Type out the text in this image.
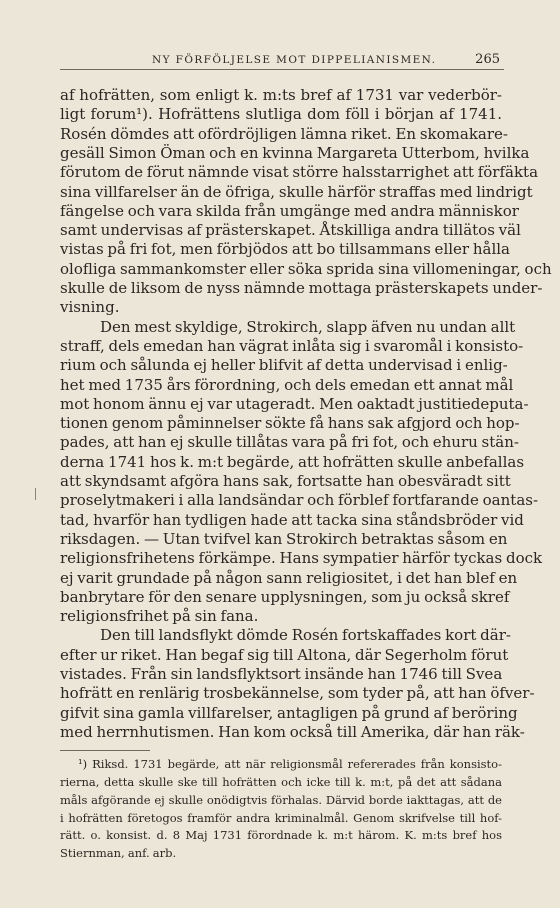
NY FÖRFÖLJELSE MOT DIPPELIANISMEN.	265
af hofrätten, som enligt k. m:ts bref af 1731 var vederbör-
ligt forum¹). Hofrättens slutliga dom föll i början af 1741.
Rosén dömdes att ofördröjligen lämna riket. En skomakare-
gesäll Simon Öman och en kvinna Margareta Utterbom, hvilka
förutom de förut nämnde visat större halsstarrighet att förfäkta
sina villfarelser än de öfriga, skulle härför straffas med lindrigt
fängelse och vara skilda från umgänge med andra människor
samt undervisas af prästerskapet. Åtskilliga andra tillätos väl
vistas på fri fot, men förbjödos att bo tillsammans eller hålla
olofliga sammankomster eller söka sprida sina villomeningar, och
skulle de liksom de nyss nämnde mottaga prästerskapets under-
visning.
Den mest skyldige, Strokirch, slapp äfven nu undan allt
straff, dels emedan han vägrat inlåta sig i svaromål i konsisto-
rium och sålunda ej heller blifvit af detta undervisad i enlig-
het med 1735 års förordning, och dels emedan ett annat mål
mot honom ännu ej var utageradt. Men oaktadt justitiedeputa-
tionen genom påminnelser sökte få hans sak afgjord och hop-
pades, att han ej skulle tillåtas vara på fri fot, och ehuru stän-
derna 1741 hos k. m:t begärde, att hofrätten skulle anbefallas
att skyndsamt afgöra hans sak, fortsatte han obesväradt sitt
proselytmakeri i alla landsändar och förblef fortfarande oantas-
tad, hvarför han tydligen hade att tacka sina ståndsbröder vid
riksdagen. — Utan tvifvel kan Strokirch betraktas såsom en
religionsfrihetens förkämpe. Hans sympatier härför tyckas dock
ej varit grundade på någon sann religiositet, i det han blef en
banbrytare för den senare upplysningen, som ju också skref
religionsfrihet på sin fana.
Den till landsflykt dömde Rosén fortskaffades kort där-
efter ur riket. Han begaf sig till Altona, där Segerholm förut
vistades. Från sin landsflyktsort insände han 1746 till Svea
hofrätt en renlärig trosbekännelse, som tyder på, att han öfver-
gifvit sina gamla villfarelser, antagligen på grund af beröring
med herrnhutismen. Han kom också till Amerika, där han räk-
¹) Riksd. 1731 begärde, att när religionsmål refererades från konsisto-
rierna, detta skulle ske till hofrätten och icke till k. m:t, på det att sådana
måls afgörande ej skulle onödigtvis förhalas. Därvid borde iakttagas, att de
i hofrätten företogos framför andra kriminalmål. Genom skrifvelse till hof-
rätt. o. konsist. d. 8 Maj 1731 förordnade k. m:t härom. K. m:ts bref hos
Stiernman, anf. arb.
